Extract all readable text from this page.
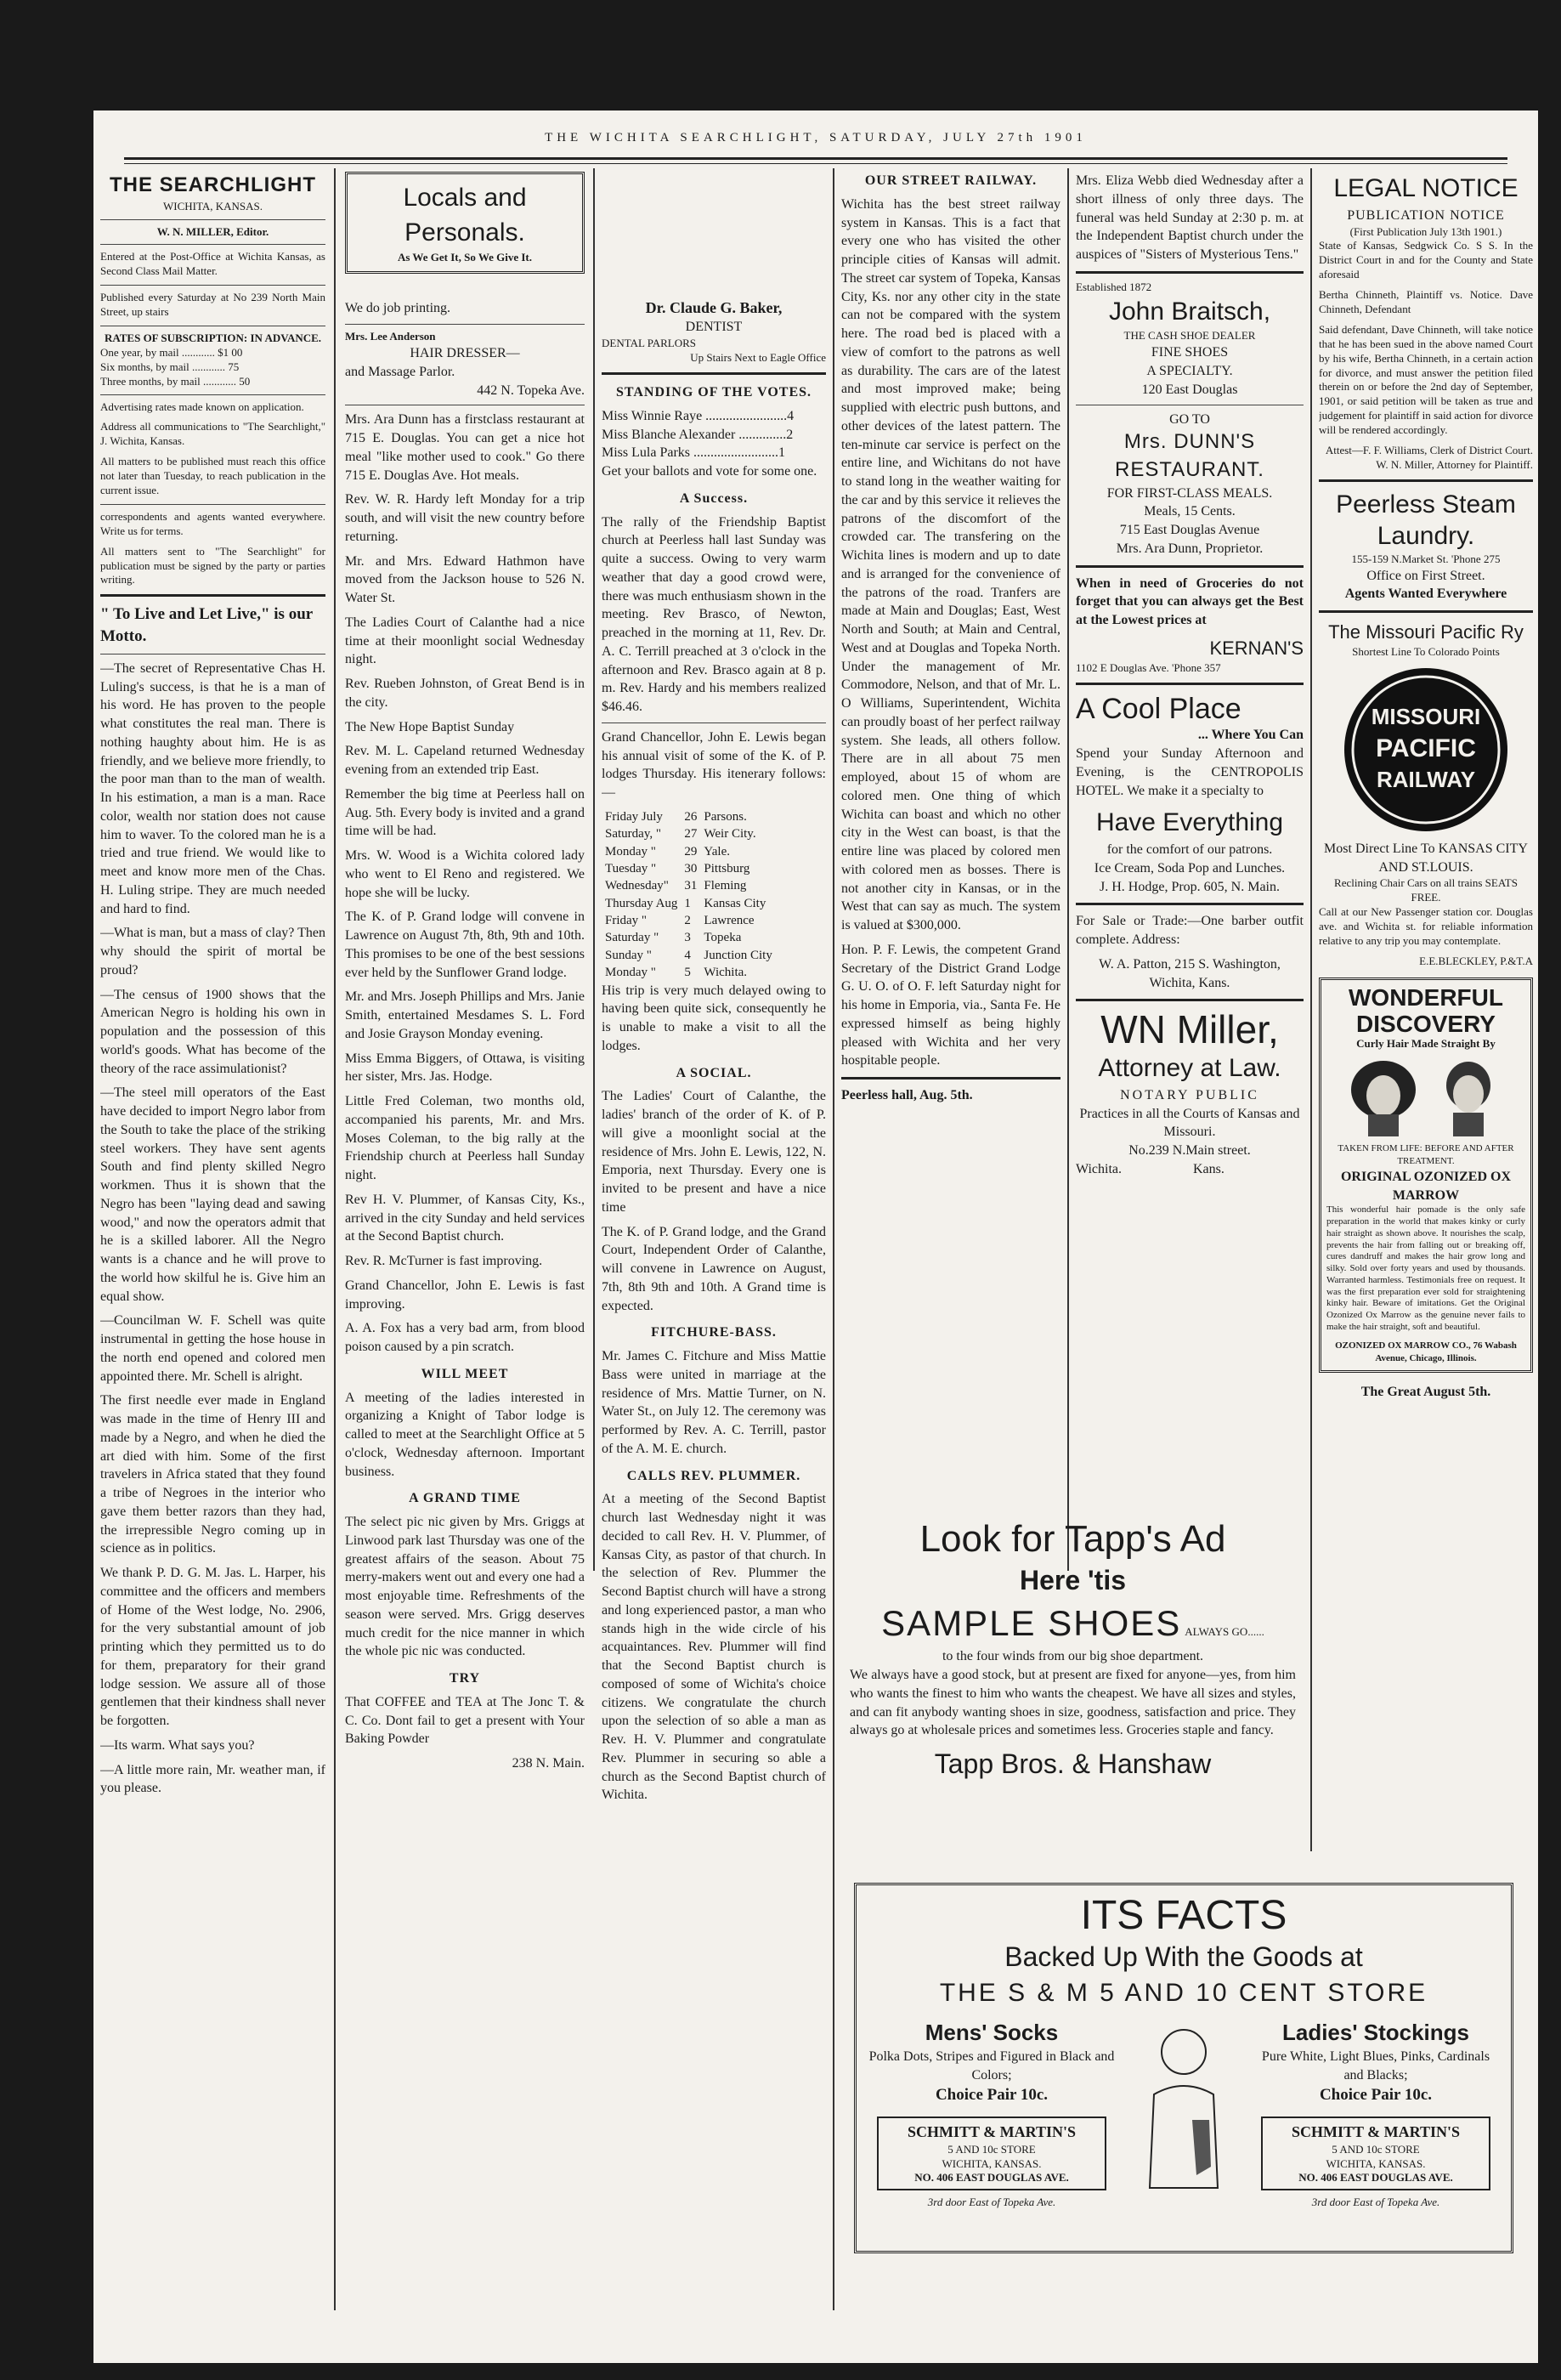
THE WICHITA SEARCHLIGHT, SATURDAY, JULY 27th 1901
THE SEARCHLIGHT
WICHITA, KANSAS.
W. N. MILLER, Editor.

Entered at the Post-Office at Wichita Kansas, as Second Class Mail Matter.

Published every Saturday at No 239 North Main Street, up stairs

RATES OF SUBSCRIPTION: IN ADVANCE.
One year, by mail ............ $1 00
Six months, by mail ............ 75
Three months, by mail ............ 50

Advertising rates made known on application.

Address all communications to "The Searchlight," J. Wichita, Kansas.

All matters to be published must reach this office not later than Tuesday, to reach publication in the current issue.

correspondents and agents wanted everywhere. Write us for terms.

All matters sent to "The Searchlight" for publication must be signed by the party or parties writing.

" To Live and Let Live," is our Motto.

—The secret of Representative Chas H. Luling's success, is that he is a man of his word. He has proven to the people what constitutes the real man. There is nothing haughty about him. He is as friendly, and we believe more friendly, to the poor man than to the man of wealth. In his estimation, a man is a man. Race color, wealth nor station does not cause him to waver. To the colored man he is a tried and true friend. We would like to meet and know more men of the Chas. H. Luling stripe. They are much needed and hard to find.

—What is man, but a mass of clay? Then why should the spirit of mortal be proud?

—The census of 1900 shows that the American Negro is holding his own in population and the possession of this world's goods. What has become of the theory of the race assimulationist?

—The steel mill operators of the East have decided to import Negro labor from the South to take the place of the striking steel workers. They have sent agents South and find plenty skilled Negro workmen. Thus it is shown that the Negro has been "laying dead and sawing wood," and now the operators admit that he is a skilled laborer. All the Negro wants is a chance and he will prove to the world how skilful he is. Give him an equal show.

—Councilman W. F. Schell was quite instrumental in getting the hose house in the north end opened and colored men appointed there. Mr. Schell is alright.

The first needle ever made in England was made in the time of Henry III and made by a Negro, and when he died the art died with him. Some of the first travelers in Africa stated that they found a tribe of Negroes in the interior who gave them better razors than they had, the irrepressible Negro coming up in science as in politics.

We thank P. D. G. M. Jas. L. Harper, his committee and the officers and members of Home of the West lodge, No. 2906, for the very substantial amount of job printing which they permitted us to do for them, preparatory for their grand lodge session. We assure all of those gentlemen that their kindness shall never be forgotten.

—Its warm. What says you?

—A little more rain, Mr. weather man, if you please.

Locals and Personals.
As We Get It, So We Give It.

We do job printing.

Mrs. Lee Anderson
HAIR DRESSER—
and Massage Parlor.
442 N. Topeka Ave.

Mrs. Ara Dunn has a firstclass restaurant at 715 E. Douglas. You can get a nice hot meal "like mother used to cook." Go there 715 E. Douglas Ave. Hot meals.

Rev. W. R. Hardy left Monday for a trip south, and will visit the new country before returning.

Mr. and Mrs. Edward Hathmon have moved from the Jackson house to 526 N. Water St.

The Ladies Court of Calanthe had a nice time at their moonlight social Wednesday night.

Rev. Rueben Johnston, of Great Bend is in the city.

The New Hope Baptist Sunday

Rev. M. L. Capeland returned Wednesday evening from an extended trip East.

Remember the big time at Peerless hall on Aug. 5th. Every body is invited and a grand time will be had.

Mrs. W. Wood is a Wichita colored lady who went to El Reno and registered. We hope she will be lucky.

The K. of P. Grand lodge will convene in Lawrence on August 7th, 8th, 9th and 10th. This promises to be one of the best sessions ever held by the Sunflower Grand lodge.

Mr. and Mrs. Joseph Phillips and Mrs. Janie Smith, entertained Mesdames S. L. Ford and Josie Grayson Monday evening.

Miss Emma Biggers, of Ottawa, is visiting her sister, Mrs. Jas. Hodge.

Little Fred Coleman, two months old, accompanied his parents, Mr. and Mrs. Moses Coleman, to the big rally at the Friendship church at Peerless hall Sunday night.

Rev H. V. Plummer, of Kansas City, Ks., arrived in the city Sunday and held services at the Second Baptist church.

Rev. R. McTurner is fast improving.

Grand Chancellor, John E. Lewis is fast improving.

A. A. Fox has a very bad arm, from blood poison caused by a pin scratch.

WILL MEET

A meeting of the ladies interested in organizing a Knight of Tabor lodge is called to meet at the Searchlight Office at 5 o'clock, Wednesday afternoon. Important business.

A GRAND TIME

The select pic nic given by Mrs. Griggs at Linwood park last Thursday was one of the greatest affairs of the season. About 75 merry-makers went out and every one had a most enjoyable time. Refreshments of the season were served. Mrs. Grigg deserves much credit for the nice manner in which the whole pic nic was conducted.

TRY

That COFFEE and TEA at The Jonc T. & C. Co. Dont fail to get a present with Your Baking Powder

238 N. Main.
Dr. Claude G. Baker,
DENTIST
DENTAL PARLORS
Up Stairs Next to Eagle Office
STANDING OF THE VOTES.
Miss Winnie Raye ........................4
Miss Blanche Alexander ..............2
Miss Lula Parks .........................1

Get your ballots and vote for some one.

A Success.

The rally of the Friendship Baptist church at Peerless hall last Sunday was quite a success. Owing to very warm weather that day a good crowd were, there was much enthusiasm shown in the meeting. Rev Brasco, of Newton, preached in the morning at 11, Rev. Dr. A. C. Terrill preached at 3 o'clock in the afternoon and Rev. Brasco again at 8 p. m. Rev. Hardy and his members realized $46.46.

Grand Chancellor, John E. Lewis began his annual visit of some of the K. of P. lodges Thursday. His itenerary follows:—

Friday July	26	Parsons.
Saturday, "	27	Weir City.
Monday "	29	Yale.
Tuesday "	30	Pittsburg
Wednesday"	31	Fleming
Thursday Aug	1	Kansas City
Friday "	2	Lawrence
Saturday "	3	Topeka
Sunday "	4	Junction City
Monday "	5	Wichita.

His trip is very much delayed owing to having been quite sick, consequently he is unable to make a visit to all the lodges.

A SOCIAL.

The Ladies' Court of Calanthe, the ladies' branch of the order of K. of P. will give a moonlight social at the residence of Mrs. John E. Lewis, 122, N. Emporia, next Thursday. Every one is invited to be present and have a nice time

The K. of P. Grand lodge, and the Grand Court, Independent Order of Calanthe, will convene in Lawrence on August, 7th, 8th 9th and 10th. A Grand time is expected.

FITCHURE-BASS.

Mr. James C. Fitchure and Miss Mattie Bass were united in marriage at the residence of Mrs. Mattie Turner, on N. Water St., on July 12. The ceremony was performed by Rev. A. C. Terrill, pastor of the A. M. E. church.

CALLS REV. PLUMMER.

At a meeting of the Second Baptist church last Wednesday night it was decided to call Rev. H. V. Plummer, of Kansas City, as pastor of that church. In the selection of Rev. Plummer the Second Baptist church will have a strong and long experienced pastor, a man who stands high in the wide circle of his acquaintances. Rev. Plummer will find that the Second Baptist church is composed of some of Wichita's choice citizens. We congratulate the church upon the selection of so able a man as Rev. H. V. Plummer and congratulate Rev. Plummer in securing so able a church as the Second Baptist church of Wichita.

OUR STREET RAILWAY.

Wichita has the best street railway system in Kansas. This is a fact that every one who has visited the other principle cities of Kansas will admit. The street car system of Topeka, Kansas City, Ks. nor any other city in the state can not be compared with the system here. The road bed is placed with a view of comfort to the patrons as well as durability. The cars are of the latest and most improved make; being supplied with electric push buttons, and other devices of the latest pattern. The ten-minute car service is perfect on the entire line, and Wichitans do not have to stand long in the weather waiting for the car and by this service it relieves the patrons of the discomfort of the crowded car. The transfering on the Wichita lines is modern and up to date and is arranged for the convenience of the patrons of the road. Tranfers are made at Main and Douglas; East, West North and South; at Main and Central, West and at Douglas and Topeka North. Under the management of Mr. Commodore, Nelson, and that of Mr. L. O Williams, Superintendent, Wichita can proudly boast of her perfect railway system. She leads, all others follow. There are in all about 75 men employed, about 15 of whom are colored men. One thing of which Wichita can boast and which no other city in the West can boast, is that the entire line was placed by colored men with colored men as bosses. There is not another city in Kansas, or in the West that can say as much. The system is valued at $300,000.

Hon. P. F. Lewis, the competent Grand Secretary of the District Grand Lodge G. U. O. of O. F. left Saturday night for his home in Emporia, via., Santa Fe. He expressed himself as being highly pleased with Wichita and her very hospitable people.

Peerless hall, Aug. 5th.

Mrs. Eliza Webb died Wednesday after a short illness of only three days. The funeral was held Sunday at 2:30 p. m. at the Independent Baptist church under the auspices of "Sisters of Mysterious Tens."

Established 1872
John Braitsch,
THE CASH SHOE DEALER
FINE SHOES
A SPECIALTY.
120 East Douglas
GO TO
Mrs. DUNN'S RESTAURANT.
FOR FIRST-CLASS MEALS.
Meals, 15 Cents.
715 East Douglas Avenue
Mrs. Ara Dunn, Proprietor.

When in need of Groceries do not forget that you can always get the Best at the Lowest prices at

KERNAN'S
1102 E Douglas Ave. 'Phone 357
A Cool Place
... Where You Can

Spend your Sunday Afternoon and Evening, is the CENTROPOLIS HOTEL. We make it a specialty to

Have Everything
for the comfort of our patrons.
Ice Cream, Soda Pop and Lunches.
J. H. Hodge, Prop. 605, N. Main.

For Sale or Trade:—One barber outfit complete. Address:

W. A. Patton, 215 S. Washington, Wichita, Kans.

WN Miller,
Attorney at Law.
NOTARY PUBLIC
Practices in all the Courts of Kansas and Missouri.
No.239 N.Main street.
Wichita.                     Kans.
LEGAL NOTICE
PUBLICATION NOTICE
(First Publication July 13th 1901.)

State of Kansas, Sedgwick Co. S S. In the District Court in and for the County and State aforesaid

Bertha Chinneth, Plaintiff vs. Notice. Dave Chinneth, Defendant

Said defendant, Dave Chinneth, will take notice that he has been sued in the above named Court by his wife, Bertha Chinneth, in a certain action for divorce, and must answer the petition filed therein on or before the 2nd day of September, 1901, or said petition will be taken as true and judgement for plaintiff in said action for divorce will be rendered accordingly.

Attest—F. F. Williams, Clerk of District Court.
W. N. Miller, Attorney for Plaintiff.
Peerless Steam Laundry.
155-159 N.Market St. 'Phone 275
Office on First Street.
Agents Wanted Everywhere
The Missouri Pacific Ry
Shortest Line To Colorado Points
MISSOURI
PACIFIC
RAILWAY
Most Direct Line To KANSAS CITY AND ST.LOUIS.
Reclining Chair Cars on all trains SEATS FREE.

Call at our New Passenger station cor. Douglas ave. and Wichita st. for reliable information relative to any trip you may contemplate.

E.E.BLECKLEY, P.&T.A
WONDERFUL DISCOVERY
Curly Hair Made Straight By
TAKEN FROM LIFE: BEFORE AND AFTER TREATMENT.
ORIGINAL OZONIZED OX MARROW

This wonderful hair pomade is the only safe preparation in the world that makes kinky or curly hair straight as shown above. It nourishes the scalp, prevents the hair from falling out or breaking off, cures dandruff and makes the hair grow long and silky. Sold over forty years and used by thousands. Warranted harmless. Testimonials free on request. It was the first preparation ever sold for straightening kinky hair. Beware of imitations. Get the Original Ozonized Ox Marrow as the genuine never fails to make the hair straight, soft and beautiful.

OZONIZED OX MARROW CO., 76 Wabash Avenue, Chicago, Illinois.
The Great August 5th.
Look for Tapp's Ad
Here 'tis
SAMPLE SHOES ALWAYS GO......
to the four winds from our big shoe department.

We always have a good stock, but at present are fixed for anyone—yes, from him who wants the finest to him who wants the cheapest. We have all sizes and styles, and can fit anybody wanting shoes in size, goodness, satisfaction and price. They always go at wholesale prices and sometimes less. Groceries staple and fancy.

Tapp Bros. & Hanshaw
ITS FACTS
Backed Up With the Goods at
THE S & M 5 AND 10 CENT STORE
Mens' Socks
Polka Dots, Stripes and Figured in Black and Colors;
Choice Pair 10c.
SCHMITT & MARTIN'S
5 AND 10c STORE
WICHITA, KANSAS.
NO. 406 EAST DOUGLAS AVE.
3rd door East of Topeka Ave.
Ladies' Stockings
Pure White, Light Blues, Pinks, Cardinals and Blacks;
Choice Pair 10c.
SCHMITT & MARTIN'S
5 AND 10c STORE
WICHITA, KANSAS.
NO. 406 EAST DOUGLAS AVE.
3rd door East of Topeka Ave.
